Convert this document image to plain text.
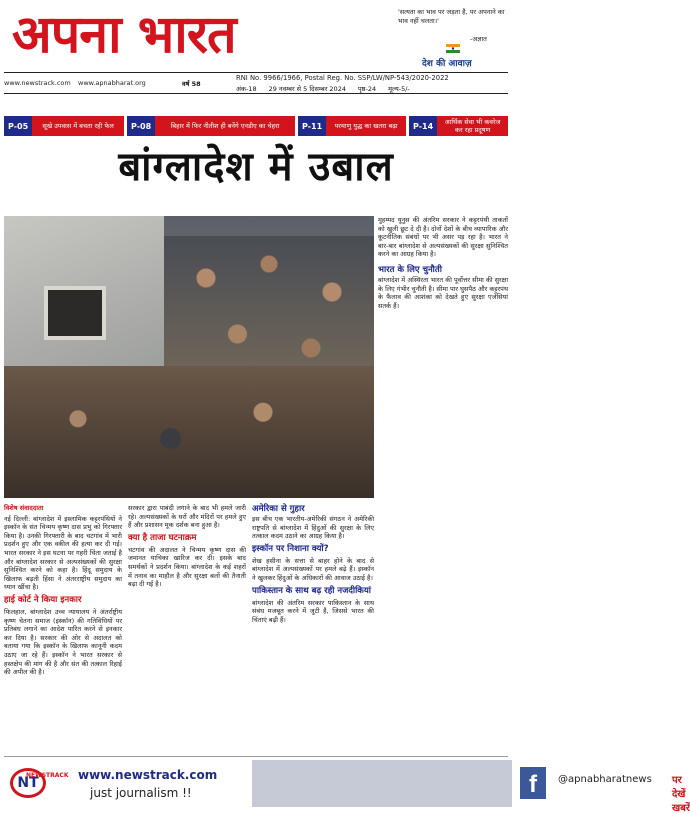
अपना भारत	'सत्यता का भाव पर जड़ता है, पर अपनाने का भाव नहीं चलता।'
-अज्ञात
देश की आवाज़
www.newstrack.com	www.apnabharat.org	वर्ष 58
RNI No. 9966/1966, Postal Reg. No. SSP/LW/NP-543/2020-2022
अंक-18 29 नवम्बर से 5 दिसम्बर 2024 पृष्ठ-24 मूल्य-5/-
P-05	सूखे उपवास में बचता रही फेल	P-08	बिहार में फिर नीतीश ही बनेंगे एनडीए का चेहरा	P-11	परमाणु युद्ध का खतरा बढ़ा	P-14	आर्थिक सेवा भी कवरेज कर रहा प्रदूषण
बांग्लादेश में उबाल

मुहम्मद यूनुस की अंतरिम सरकार ने कट्टरपंथी ताकतों को खुली छूट दे दी है। दोनों देशों के बीच व्यापारिक और कूटनीतिक संबंधों पर भी असर पड़ रहा है। भारत ने बार-बार बांग्लादेश से अल्पसंख्यकों की सुरक्षा सुनिश्चित करने का आग्रह किया है।

भारत के लिए चुनौती

बांग्लादेश में अस्थिरता भारत की पूर्वोत्तर सीमा की सुरक्षा के लिए गंभीर चुनौती है। सीमा पार घुसपैठ और कट्टरपंथ के फैलाव की आशंका को देखते हुए सुरक्षा एजेंसियां सतर्क हैं।

विशेष संवाददाता

नई दिल्ली: बांग्लादेश में इस्लामिक कट्टरपंथियों ने इस्कॉन के संत चिन्मय कृष्ण दास प्रभु को गिरफ्तार किया है। उनकी गिरफ्तारी के बाद चटगांव में भारी प्रदर्शन हुए और एक वकील की हत्या कर दी गई। भारत सरकार ने इस घटना पर गहरी चिंता जताई है और बांग्लादेश सरकार से अल्पसंख्यकों की सुरक्षा सुनिश्चित करने को कहा है। हिंदू समुदाय के खिलाफ बढ़ती हिंसा ने अंतरराष्ट्रीय समुदाय का ध्यान खींचा है।

हाई कोर्ट ने किया इनकार

फिलहाल, बांग्लादेश उच्च न्यायालय ने अंतर्राष्ट्रीय कृष्ण चेतना समाज (इस्कॉन) की गतिविधियों पर प्रतिबंध लगाने का आदेश पारित करने से इनकार कर दिया है। सरकार की ओर से अदालत को बताया गया कि इस्कॉन के खिलाफ कानूनी कदम उठाए जा रहे हैं। इस्कॉन ने भारत सरकार से हस्तक्षेप की मांग की है और संत की तत्काल रिहाई की अपील की है।

सरकार द्वारा पाबंदी लगाने के बाद भी हमले जारी रहे। अल्पसंख्यकों के घरों और मंदिरों पर हमले हुए हैं और प्रशासन मूक दर्शक बना हुआ है।

क्या है ताजा घटनाक्रम

चटगांव की अदालत ने चिन्मय कृष्ण दास की जमानत याचिका खारिज कर दी। इसके बाद समर्थकों ने प्रदर्शन किया। बांग्लादेश के कई शहरों में तनाव का माहौल है और सुरक्षा बलों की तैनाती बढ़ा दी गई है।

अमेरिका से गुहार

इस बीच एक भारतीय-अमेरिकी संगठन ने अमेरिकी राष्ट्रपति से बांग्लादेश में हिंदुओं की सुरक्षा के लिए तत्काल कदम उठाने का आग्रह किया है।

इस्कॉन पर निशाना क्यों?

शेख हसीना के सत्ता से बाहर होने के बाद से बांग्लादेश में अल्पसंख्यकों पर हमले बढ़े हैं। इस्कॉन ने खुलकर हिंदुओं के अधिकारों की आवाज उठाई है।

पाकिस्तान के साथ बढ़ रही नजदीकियां

बांग्लादेश की अंतरिम सरकार पाकिस्तान के साथ संबंध मजबूत करने में जुटी है, जिससे भारत की चिंताएं बढ़ी हैं।

NT
NEWSTRACK www.newstrack.com
just journalism !!	f	@apnabharatnews पर देखें खबरें
